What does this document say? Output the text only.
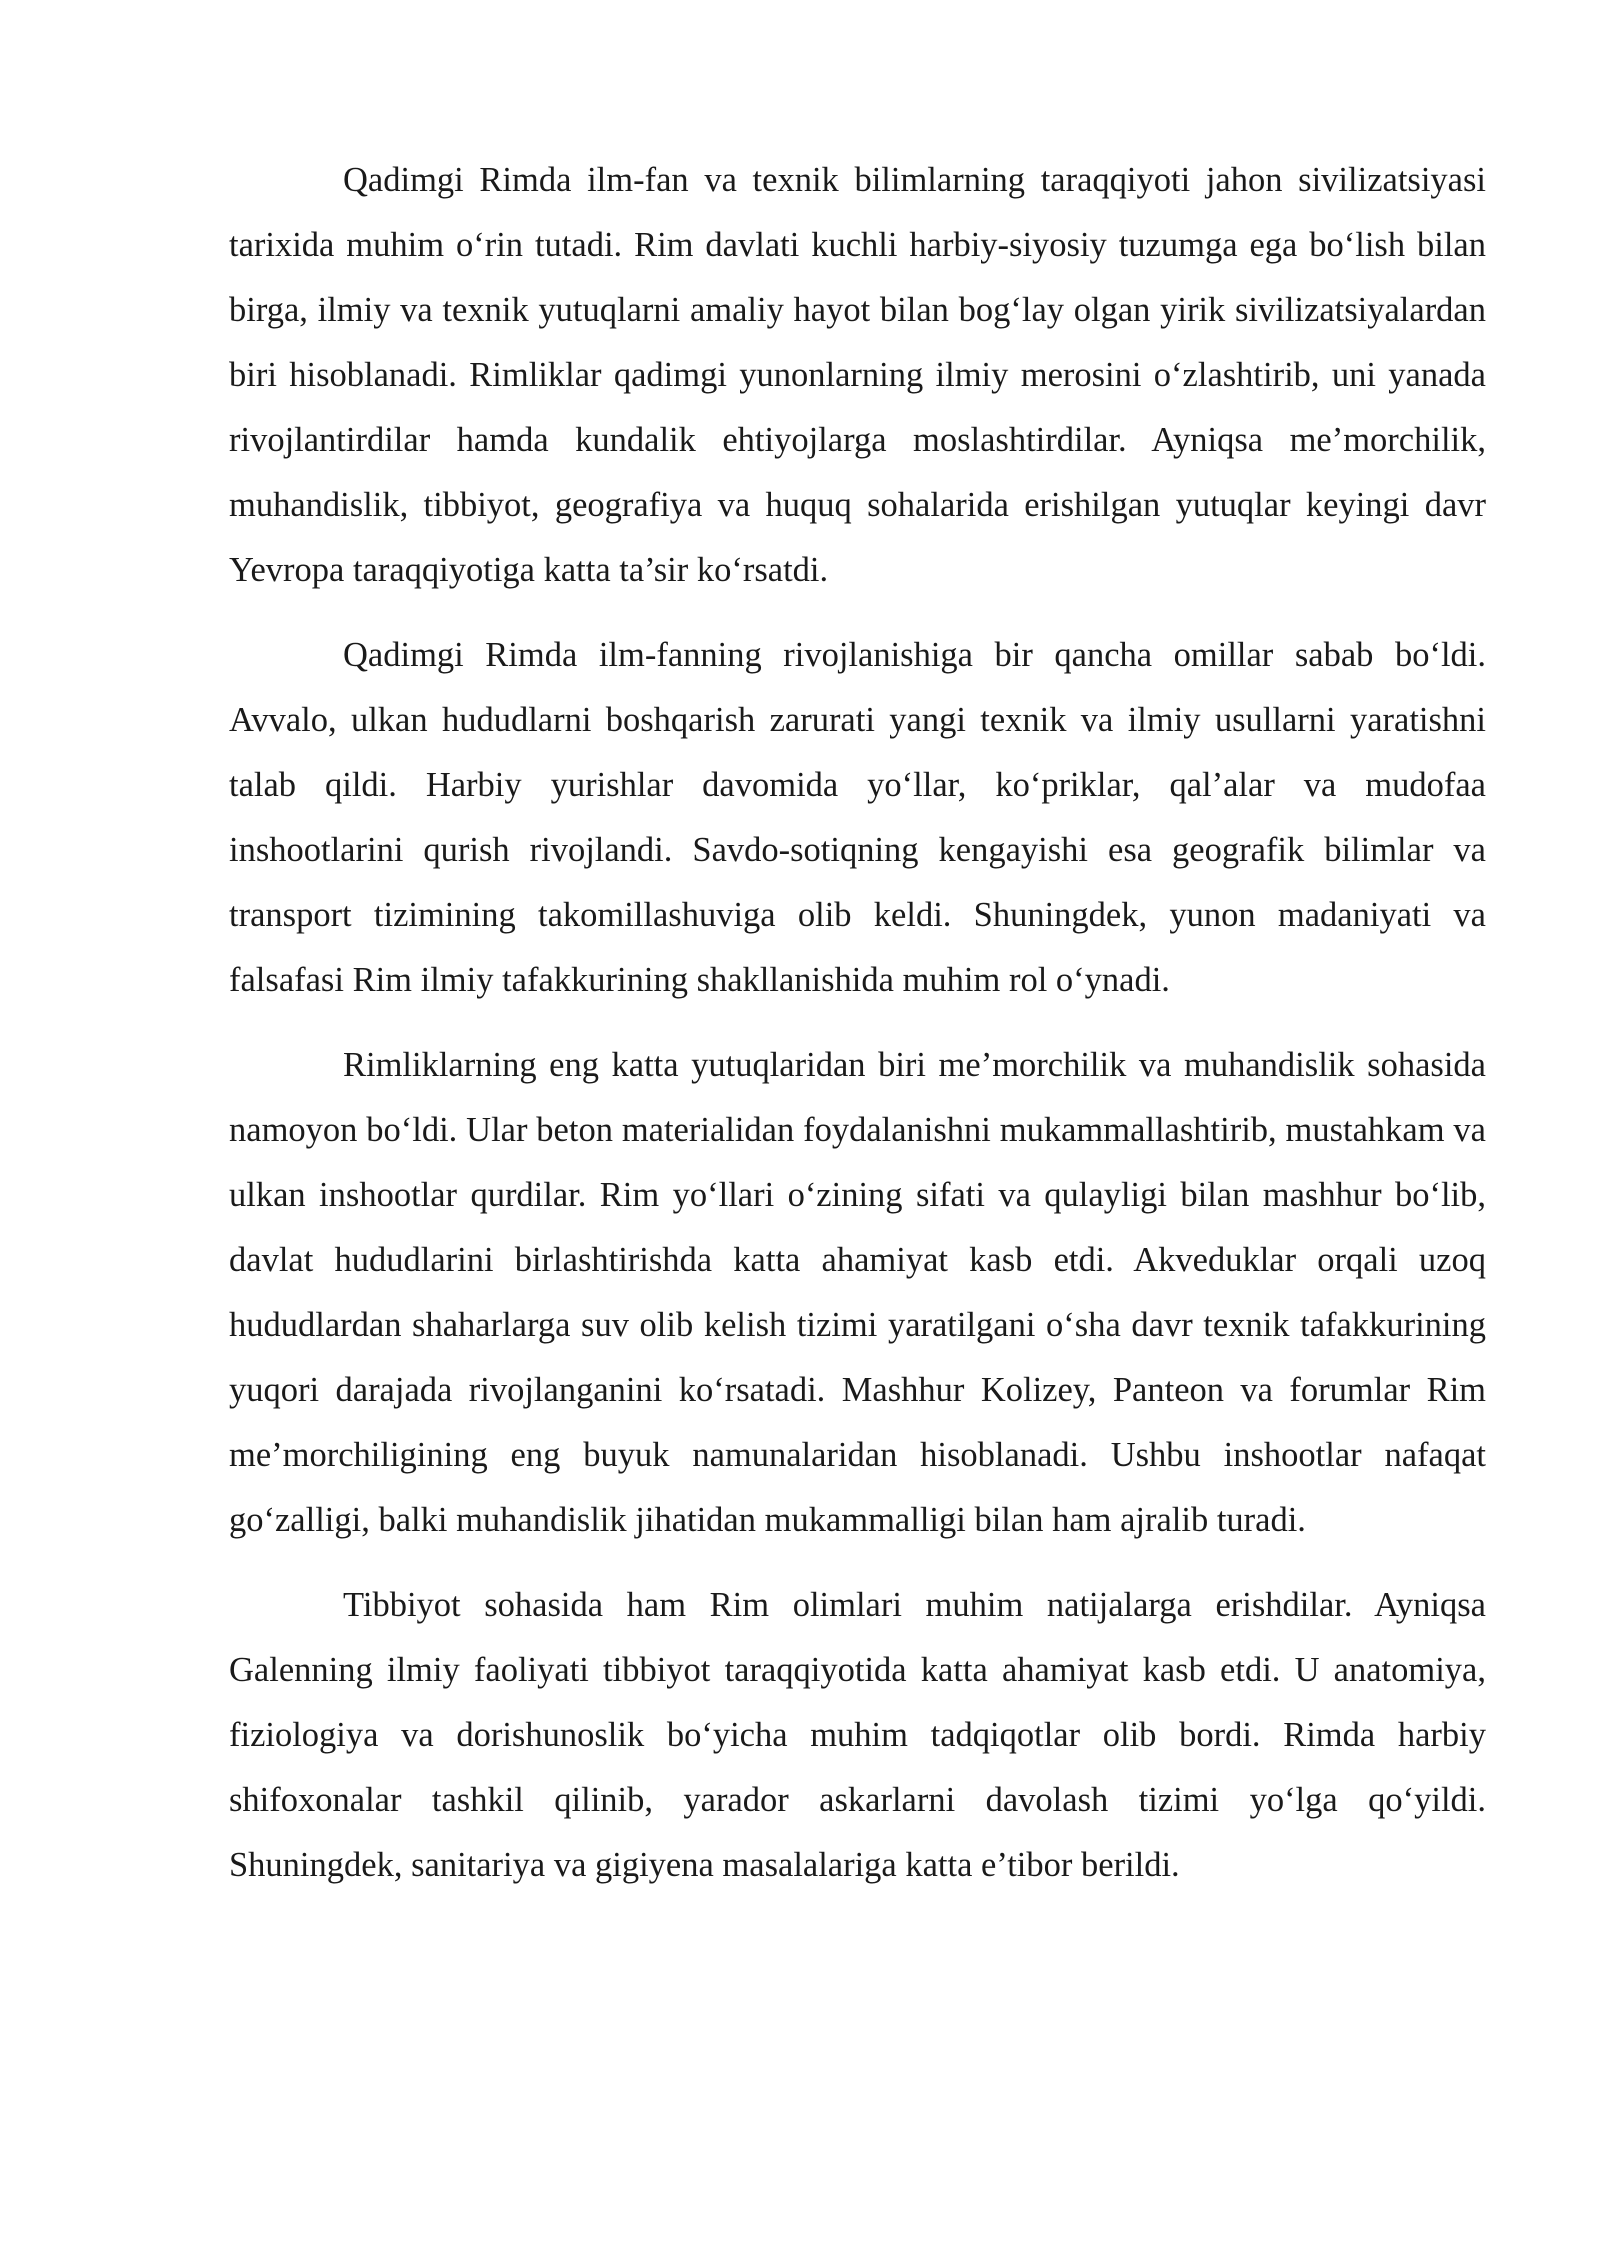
Qadimgi Rimda ilm-fan va texnik bilimlarning taraqqiyoti jahon sivilizatsiyasi tarixida muhim o‘rin tutadi. Rim davlati kuchli harbiy-siyosiy tuzumga ega bo‘lish bilan birga, ilmiy va texnik yutuqlarni amaliy hayot bilan bog‘lay olgan yirik sivilizatsiyalardan biri hisoblanadi. Rimliklar qadimgi yunonlarning ilmiy merosini o‘zlashtirib, uni yanada rivojlantirdilar hamda kundalik ehtiyojlarga moslashtirdilar. Ayniqsa me’morchilik, muhandislik, tibbiyot, geografiya va huquq sohalarida erishilgan yutuqlar keyingi davr Yevropa taraqqiyotiga katta ta’sir ko‘rsatdi.

Qadimgi Rimda ilm-fanning rivojlanishiga bir qancha omillar sabab bo‘ldi. Avvalo, ulkan hududlarni boshqarish zarurati yangi texnik va ilmiy usullarni yaratishni talab qildi. Harbiy yurishlar davomida yo‘llar, ko‘priklar, qal’alar va mudofaa inshootlarini qurish rivojlandi. Savdo-sotiqning kengayishi esa geografik bilimlar va transport tizimining takomillashuviga olib keldi. Shuningdek, yunon madaniyati va falsafasi Rim ilmiy tafakkurining shakllanishida muhim rol o‘ynadi.

Rimliklarning eng katta yutuqlaridan biri me’morchilik va muhandislik sohasida namoyon bo‘ldi. Ular beton materialidan foydalanishni mukammallashtirib, mustahkam va ulkan inshootlar qurdilar. Rim yo‘llari o‘zining sifati va qulayligi bilan mashhur bo‘lib, davlat hududlarini birlashtirishda katta ahamiyat kasb etdi. Akveduklar orqali uzoq hududlardan shaharlarga suv olib kelish tizimi yaratilgani o‘sha davr texnik tafakkurining yuqori darajada rivojlanganini ko‘rsatadi. Mashhur Kolizey, Panteon va forumlar Rim me’morchiligining eng buyuk namunalaridan hisoblanadi. Ushbu inshootlar nafaqat go‘zalligi, balki muhandislik jihatidan mukammalligi bilan ham ajralib turadi.

Tibbiyot sohasida ham Rim olimlari muhim natijalarga erishdilar. Ayniqsa Galenning ilmiy faoliyati tibbiyot taraqqiyotida katta ahamiyat kasb etdi. U anatomiya, fiziologiya va dorishunoslik bo‘yicha muhim tadqiqotlar olib bordi. Rimda harbiy shifoxonalar tashkil qilinib, yarador askarlarni davolash tizimi yo‘lga qo‘yildi. Shuningdek, sanitariya va gigiyena masalalariga katta e’tibor berildi.
